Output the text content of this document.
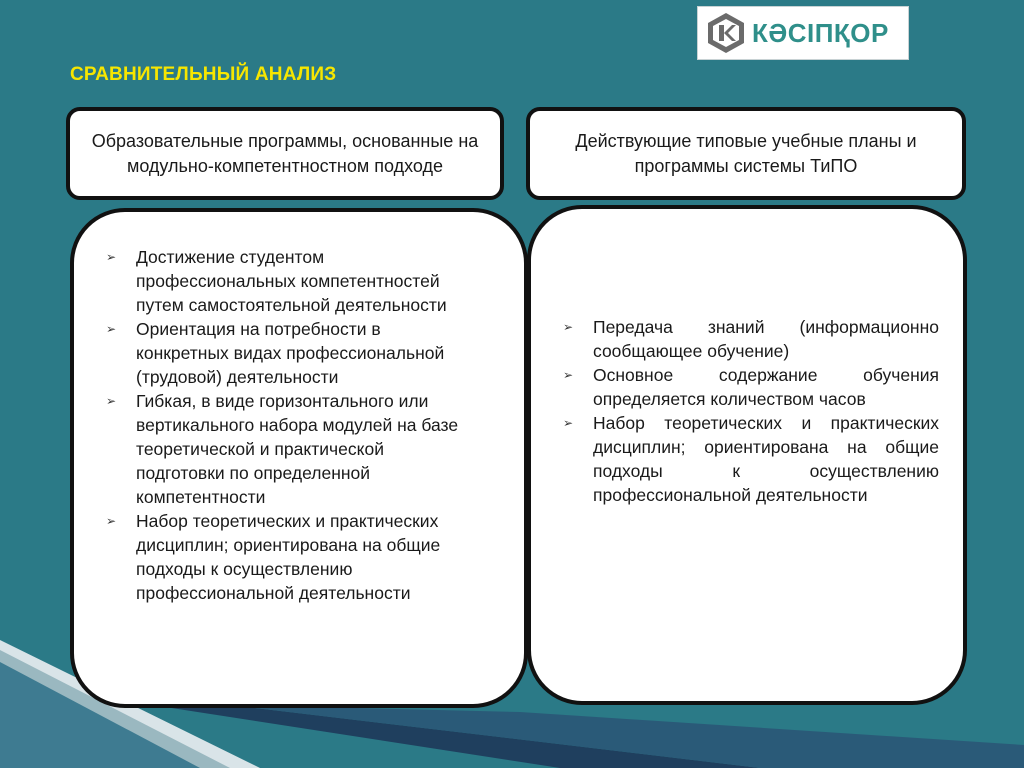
КӘСІПҚОР
СРАВНИТЕЛЬНЫЙ АНАЛИЗ
Образовательные программы, основанные на модульно-компетентностном подходе
Действующие типовые учебные планы и программы системы ТиПО
➢ Достижение студентом профессиональных компетентностей путем самостоятельной деятельности
➢ Ориентация на потребности в конкретных видах профессиональной (трудовой) деятельности
➢ Гибкая, в виде горизонтального или вертикального набора модулей на базе теоретической и практической подготовки по определенной компетентности
➢ Набор теоретических и практических дисциплин; ориентирована на общие подходы к осуществлению профессиональной деятельности
➢ Передача знаний (информационно сообщающее обучение)
➢ Основное содержание обучения определяется количеством часов
➢ Набор теоретических и практических дисциплин; ориентирована на общие подходы к осуществлению профессиональной деятельности
